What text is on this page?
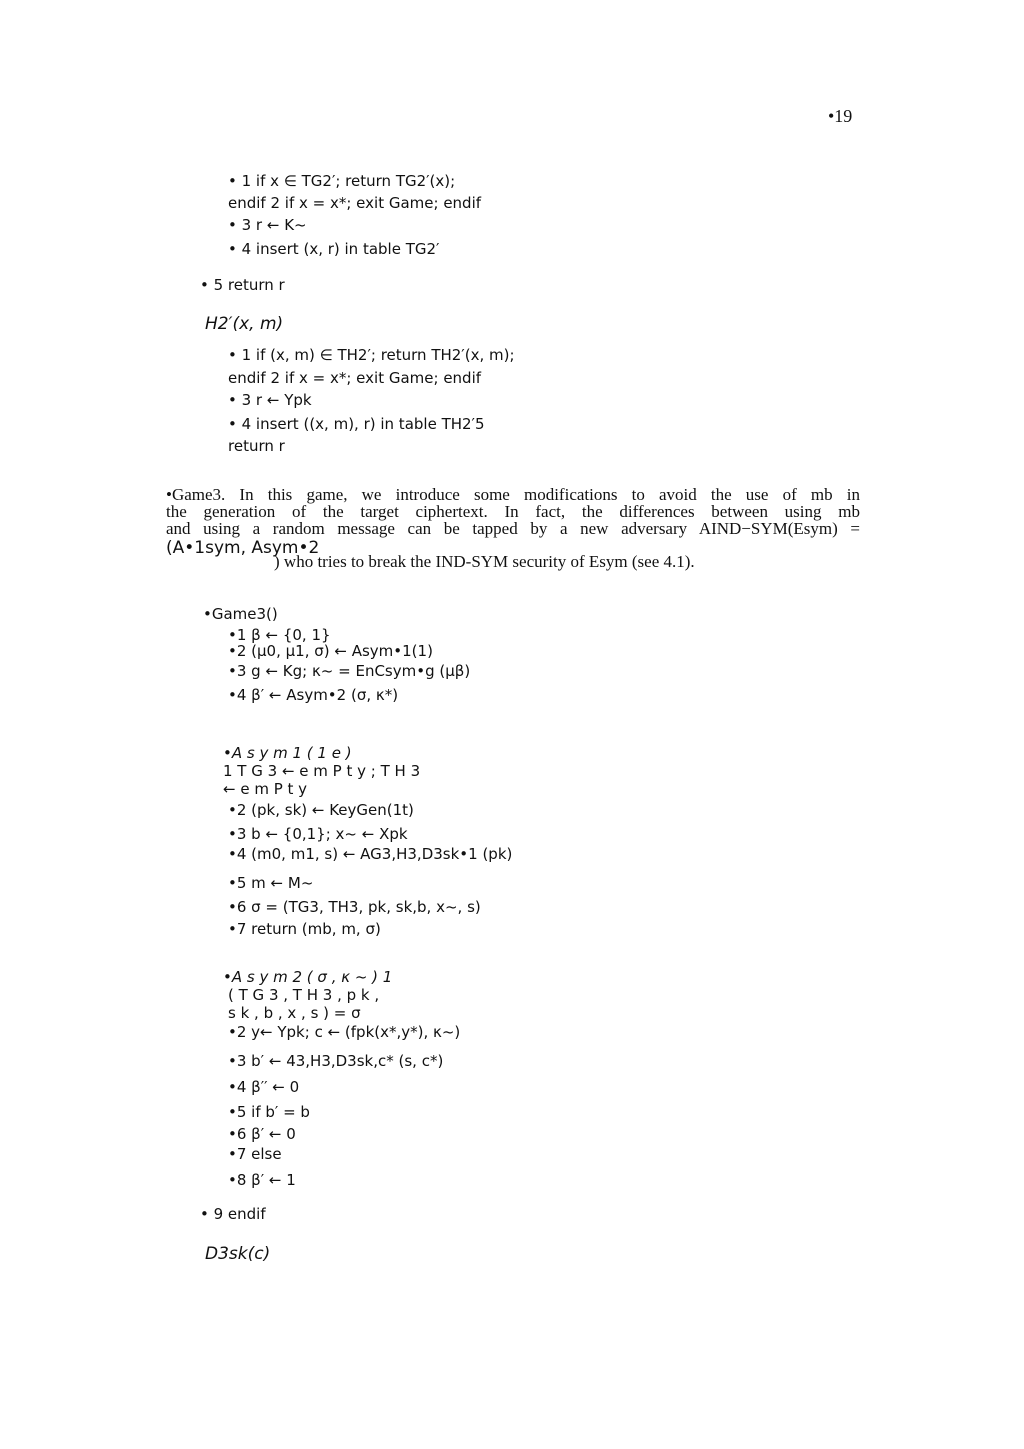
•19
• 1 if x ∈ TG2′; return TG2′(x);
endif 2 if x = x*; exit Game; endif
• 3 r ← K~
• 4 insert (x, r) in table TG2′
• 5 return r
H2′(x, m)
• 1 if (x, m) ∈ TH2′; return TH2′(x, m);
endif 2 if x = x*; exit Game; endif
• 3 r ← Ypk
• 4 insert ((x, m), r) in table TH2′5
return r
•Game3. In this game, we introduce some modifications to avoid the use of mb in
the generation of the target ciphertext. In fact, the differences between using mb
and using a random message can be tapped by a new adversary AIND−SYM(Esym) =
(A•1sym, Asym•2
) who tries to break the IND-SYM security of Esym (see 4.1).
•Game3()
•1 β ← {0, 1}
•2 (μ0, μ1, σ) ← Asym•1(1)
•3 g ← Kg; κ~ = EnCsym•g (μβ)
•4 β′ ← Asym•2 (σ, κ*)
•A s y m 1 ( 1 e )
1 T G 3 ← e m P t y ; T H 3
← e m P t y
•2 (pk, sk) ← KeyGen(1t)
•3 b ← {0,1}; x~ ← Xpk
•4 (m0, m1, s) ← AG3,H3,D3sk•1 (pk)
•5 m ← M~
•6 σ = (TG3, TH3, pk, sk,b, x~, s)
•7 return (mb, m, σ)
•A s y m 2 ( σ , κ ~ ) 1
( T G 3 , T H 3 , p k ,
s k , b , x , s ) = σ
•2 y← Ypk; c ← (fpk(x*,y*), κ~)
•3 b′ ← 43,H3,D3sk,c* (s, c*)
•4 β′′ ← 0
•5 if b′ = b
•6 β′ ← 0
•7 else
•8 β′ ← 1
• 9 endif
D3sk(c)
